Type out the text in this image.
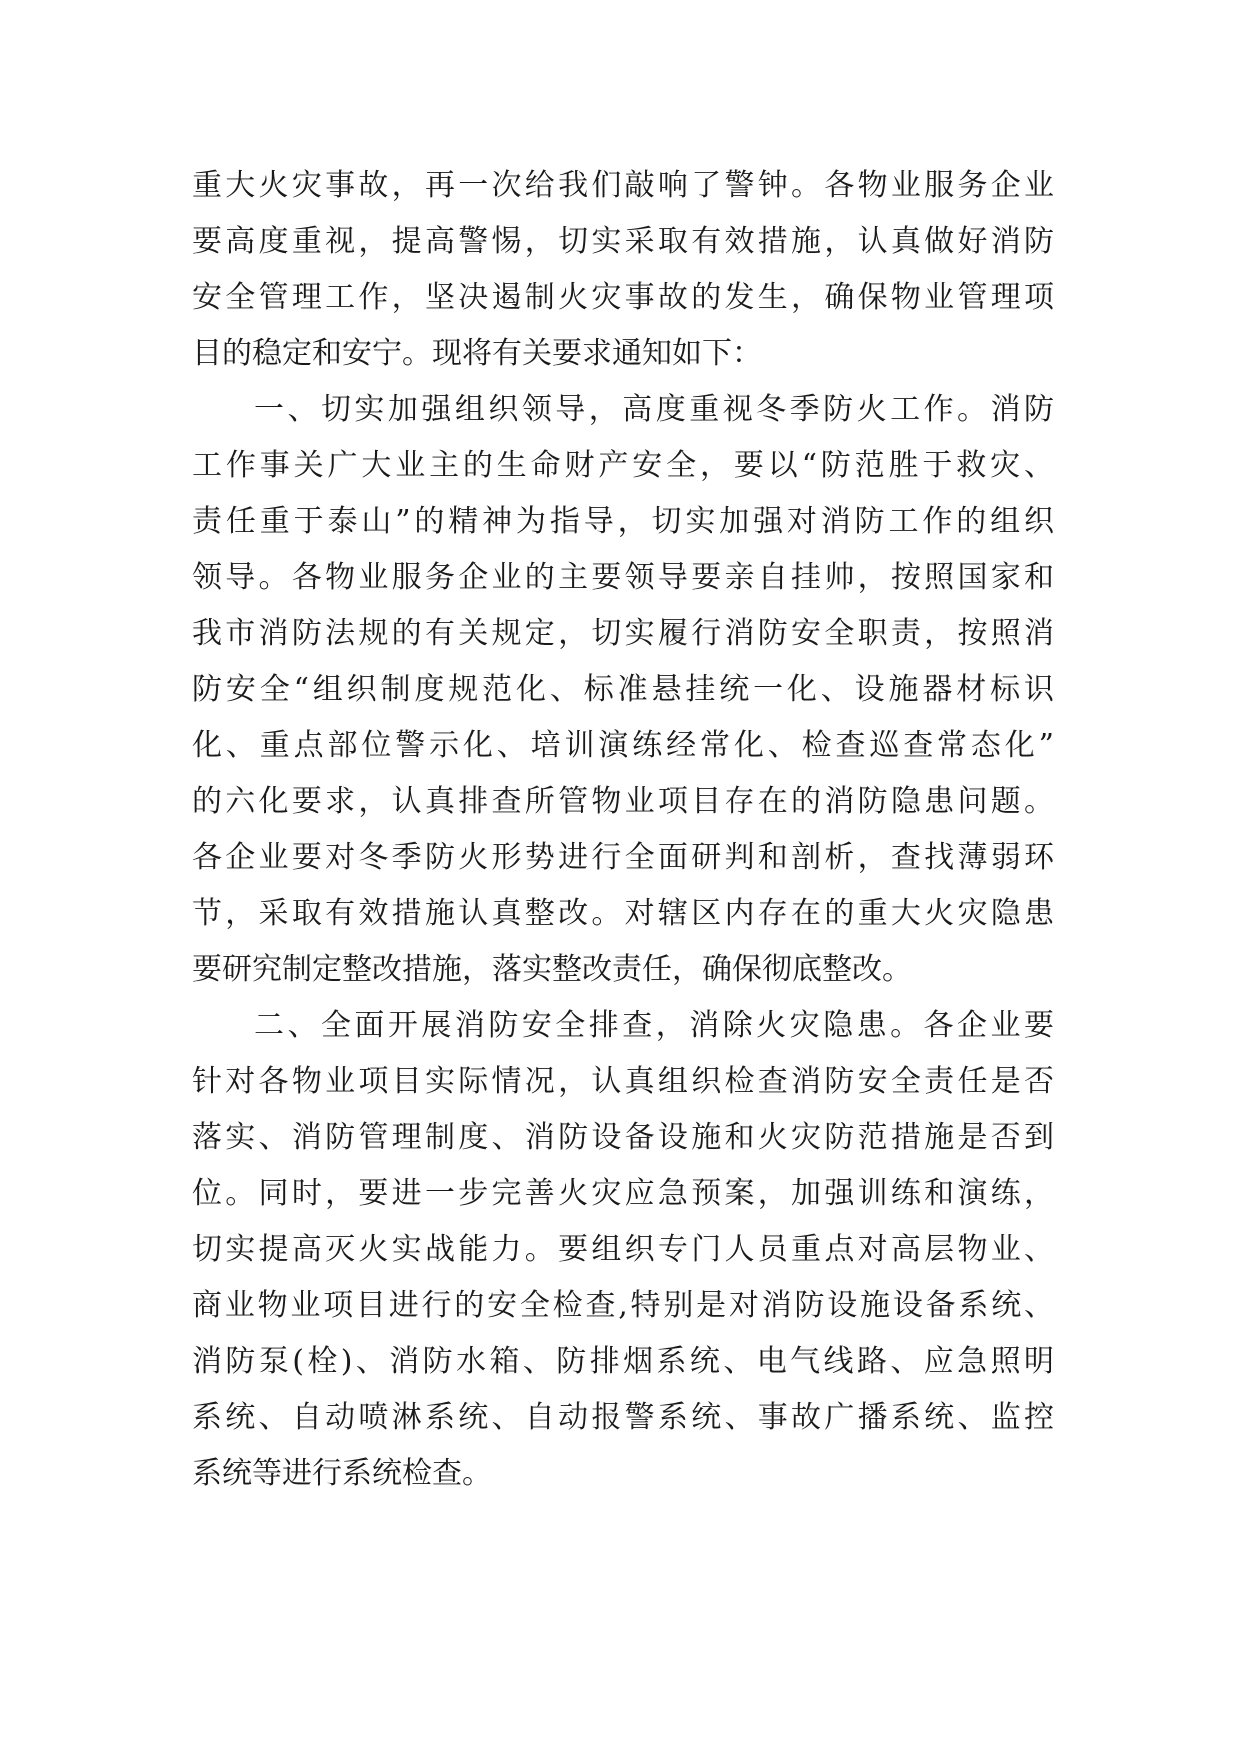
重大火灾事故，再一次给我们敲响了警钟。各物业服务企业
要高度重视，提高警惕，切实采取有效措施，认真做好消防
安全管理工作，坚决遏制火灾事故的发生，确保物业管理项
目的稳定和安宁。现将有关要求通知如下：
一、切实加强组织领导，高度重视冬季防火工作。消防
工作事关广大业主的生命财产安全，要以“防范胜于救灾、
责任重于泰山”的精神为指导，切实加强对消防工作的组织
领导。各物业服务企业的主要领导要亲自挂帅，按照国家和
我市消防法规的有关规定，切实履行消防安全职责，按照消
防安全“组织制度规范化、标准悬挂统一化、设施器材标识
化、重点部位警示化、培训演练经常化、检查巡查常态化”
的六化要求，认真排查所管物业项目存在的消防隐患问题。
各企业要对冬季防火形势进行全面研判和剖析，查找薄弱环
节，采取有效措施认真整改。对辖区内存在的重大火灾隐患
要研究制定整改措施，落实整改责任，确保彻底整改。
二、全面开展消防安全排查，消除火灾隐患。各企业要
针对各物业项目实际情况，认真组织检查消防安全责任是否
落实、消防管理制度、消防设备设施和火灾防范措施是否到
位。同时，要进一步完善火灾应急预案，加强训练和演练，
切实提高灭火实战能力。要组织专门人员重点对高层物业、
商业物业项目进行的安全检查,特别是对消防设施设备系统、
消防泵(栓)、消防水箱、防排烟系统、电气线路、应急照明
系统、自动喷淋系统、自动报警系统、事故广播系统、监控
系统等进行系统检查。
